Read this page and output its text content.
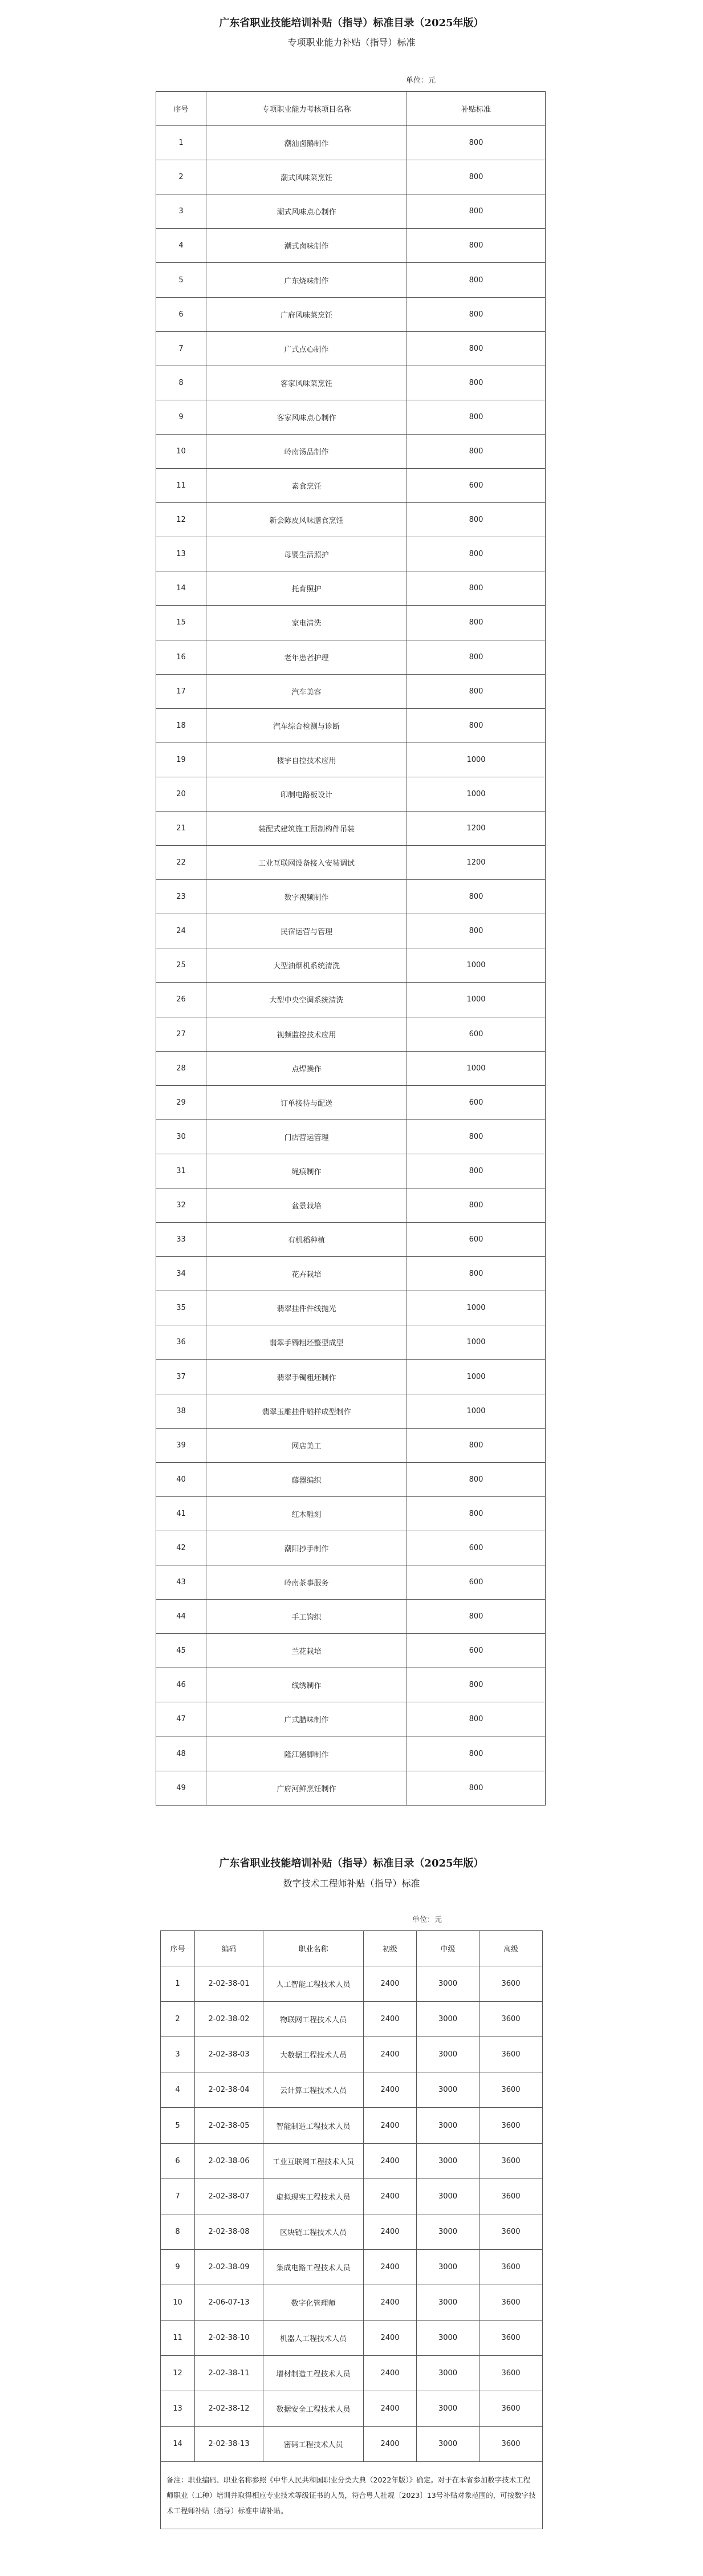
广东省职业技能培训补贴（指导）标准目录（2025年版）
专项职业能力补贴（指导）标准
单位：元
序号	专项职业能力考核项目名称	补贴标准
1	潮汕卤鹅制作	800
2	潮式风味菜烹饪	800
3	潮式风味点心制作	800
4	潮式卤味制作	800
5	广东烧味制作	800
6	广府风味菜烹饪	800
7	广式点心制作	800
8	客家风味菜烹饪	800
9	客家风味点心制作	800
10	岭南汤品制作	800
11	素食烹饪	600
12	新会陈皮风味膳食烹饪	800
13	母婴生活照护	800
14	托育照护	800
15	家电清洗	800
16	老年患者护理	800
17	汽车美容	800
18	汽车综合检测与诊断	800
19	楼宇自控技术应用	1000
20	印制电路板设计	1000
21	装配式建筑施工预制构件吊装	1200
22	工业互联网设备接入安装调试	1200
23	数字视频制作	800
24	民宿运营与管理	800
25	大型油烟机系统清洗	1000
26	大型中央空调系统清洗	1000
27	视频监控技术应用	600
28	点焊操作	1000
29	订单接待与配送	600
30	门店营运管理	800
31	绳痕制作	800
32	盆景栽培	800
33	有机稻种植	600
34	花卉栽培	800
35	翡翠挂件件线抛光	1000
36	翡翠手镯粗坯整型成型	1000
37	翡翠手镯粗坯制作	1000
38	翡翠玉雕挂件雕样成型制作	1000
39	网店美工	800
40	藤器编织	800
41	红木雕刻	800
42	潮阳抄手制作	600
43	岭南茶事服务	600
44	手工钩织	800
45	兰花栽培	600
46	线绣制作	800
47	广式腊味制作	800
48	隆江猪脚制作	800
49	广府河鲜烹饪制作	800
广东省职业技能培训补贴（指导）标准目录（2025年版）
数字技术工程师补贴（指导）标准
单位：元
序号	编码	职业名称	初级	中级	高级
1	2-02-38-01	人工智能工程技术人员	2400	3000	3600
2	2-02-38-02	物联网工程技术人员	2400	3000	3600
3	2-02-38-03	大数据工程技术人员	2400	3000	3600
4	2-02-38-04	云计算工程技术人员	2400	3000	3600
5	2-02-38-05	智能制造工程技术人员	2400	3000	3600
6	2-02-38-06	工业互联网工程技术人员	2400	3000	3600
7	2-02-38-07	虚拟现实工程技术人员	2400	3000	3600
8	2-02-38-08	区块链工程技术人员	2400	3000	3600
9	2-02-38-09	集成电路工程技术人员	2400	3000	3600
10	2-06-07-13	数字化管理师	2400	3000	3600
11	2-02-38-10	机器人工程技术人员	2400	3000	3600
12	2-02-38-11	增材制造工程技术人员	2400	3000	3600
13	2-02-38-12	数据安全工程技术人员	2400	3000	3600
14	2-02-38-13	密码工程技术人员	2400	3000	3600
备注：职业编码、职业名称参照《中华人民共和国职业分类大典（2022年版）》确定。对于在本省参加数字技术工程师职业（工种）培训并取得相应专业技术等级证书的人员，符合粤人社规〔2023〕13号补贴对象范围的，可按数字技术工程师补贴（指导）标准申请补贴。					
